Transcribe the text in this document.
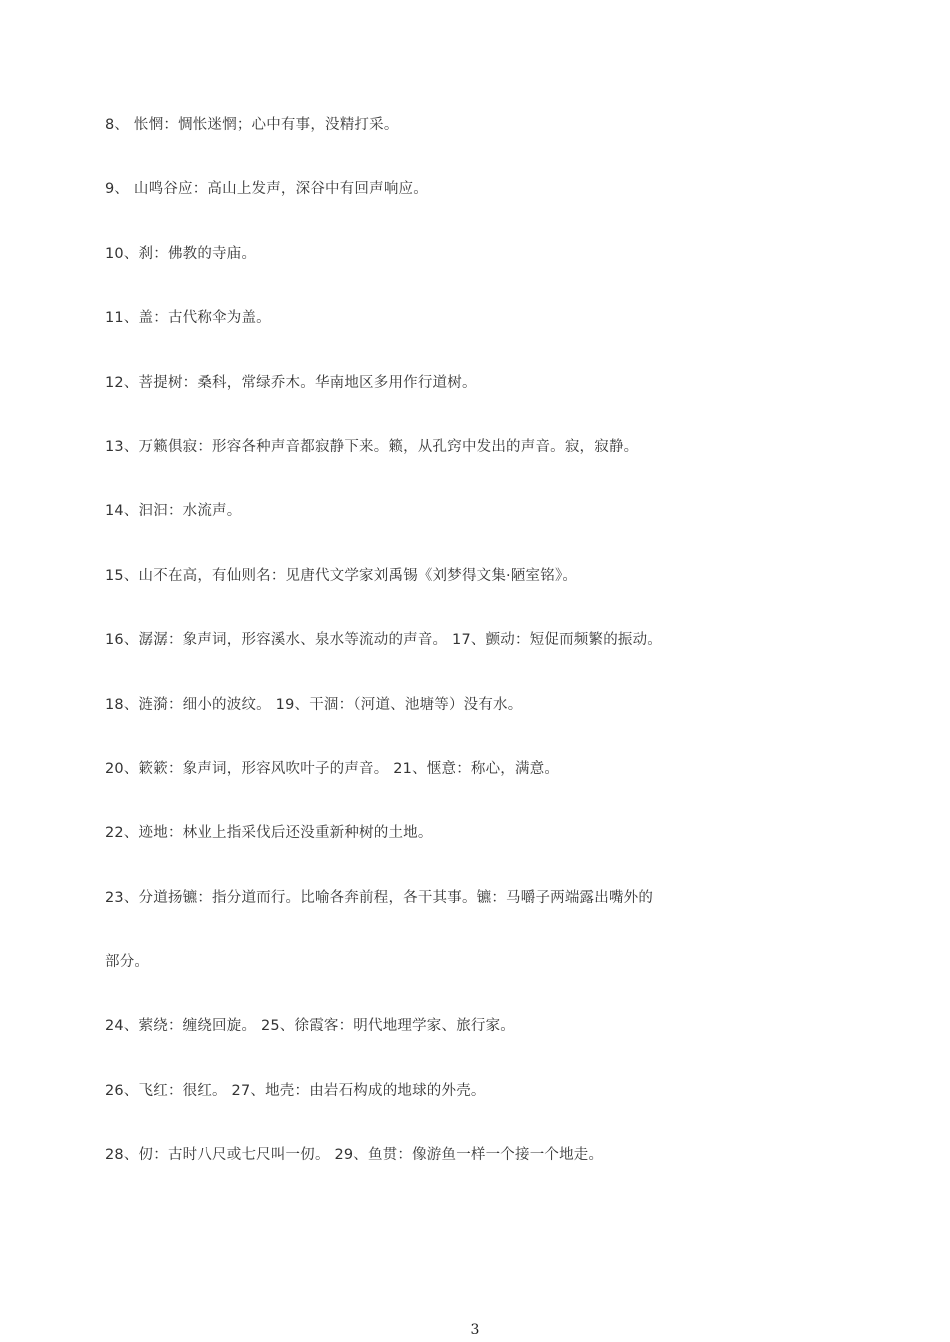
8、 怅惘：惆怅迷惘；心中有事，没精打采。
9、 山鸣谷应：高山上发声，深谷中有回声响应。
10、刹：佛教的寺庙。
11、盖：古代称伞为盖。
12、菩提树：桑科，常绿乔木。华南地区多用作行道树。
13、万籁俱寂：形容各种声音都寂静下来。籁，从孔窍中发出的声音。寂，寂静。
14、汩汩：水流声。
15、山不在高，有仙则名：见唐代文学家刘禹锡《刘梦得文集·陋室铭》。
16、潺潺：象声词，形容溪水、泉水等流动的声音。 17、颤动：短促而频繁的振动。
18、涟漪：细小的波纹。 19、干涸：（河道、池塘等）没有水。
20、簌簌：象声词，形容风吹叶子的声音。 21、惬意：称心，满意。
22、迹地：林业上指采伐后还没重新种树的土地。
23、分道扬镳：指分道而行。比喻各奔前程，各干其事。镳：马嚼子两端露出嘴外的
部分。
24、萦绕：缠绕回旋。 25、徐霞客：明代地理学家、旅行家。
26、飞红：很红。 27、地壳：由岩石构成的地球的外壳。
28、仞：古时八尺或七尺叫一仞。 29、鱼贯：像游鱼一样一个接一个地走。
3
